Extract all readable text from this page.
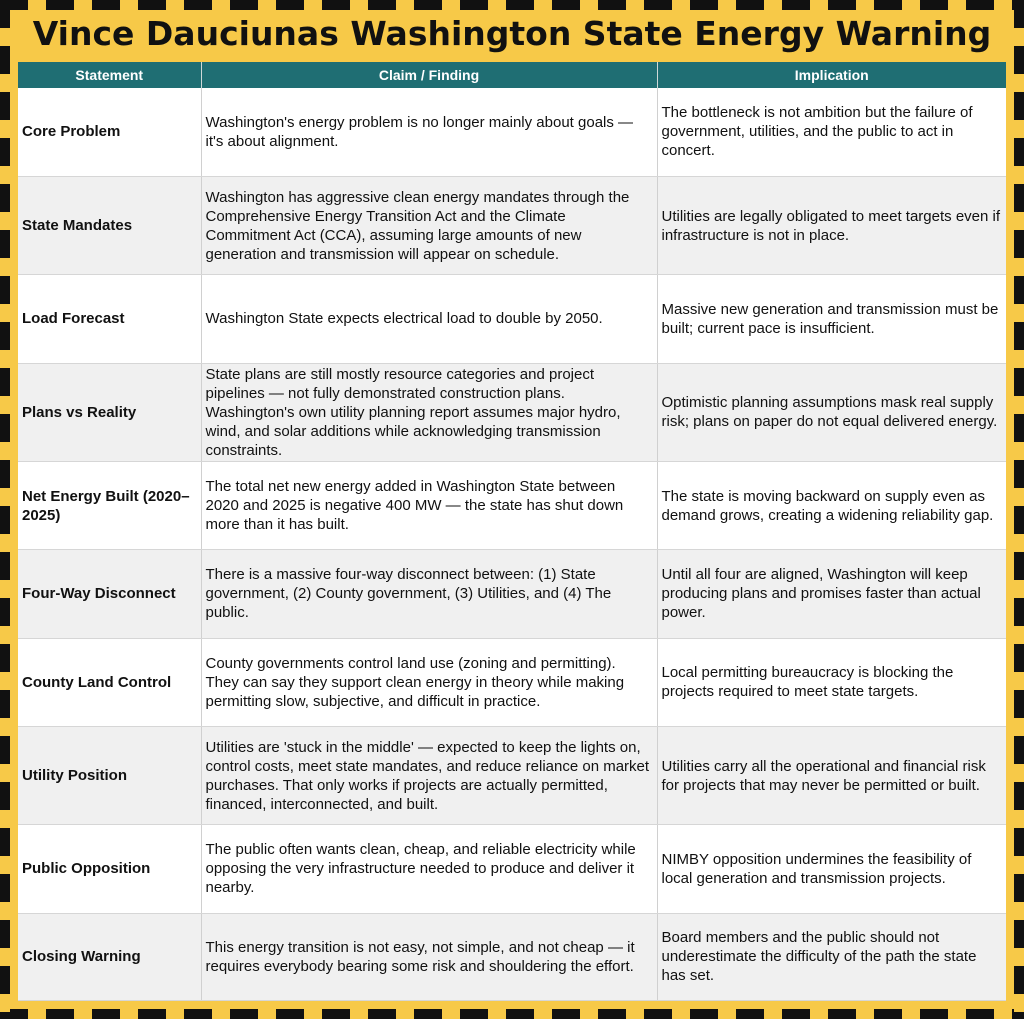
Vince Dauciunas Washington State Energy Warning
Statement	Claim / Finding	Implication
Core Problem	Washington's energy problem is no longer mainly about goals — it's about alignment.	The bottleneck is not ambition but the failure of government, utilities, and the public to act in concert.
State Mandates	Washington has aggressive clean energy mandates through the Comprehensive Energy Transition Act and the Climate Commitment Act (CCA), assuming large amounts of new generation and transmission will appear on schedule.	Utilities are legally obligated to meet targets even if infrastructure is not in place.
Load Forecast	Washington State expects electrical load to double by 2050.	Massive new generation and transmission must be built; current pace is insufficient.
Plans vs Reality	State plans are still mostly resource categories and project pipelines — not fully demonstrated construction plans. Washington's own utility planning report assumes major hydro, wind, and solar additions while acknowledging transmission constraints.	Optimistic planning assumptions mask real supply risk; plans on paper do not equal delivered energy.
Net Energy Built (2020–2025)	The total net new energy added in Washington State between 2020 and 2025 is negative 400 MW — the state has shut down more than it has built.	The state is moving backward on supply even as demand grows, creating a widening reliability gap.
Four-Way Disconnect	There is a massive four-way disconnect between: (1) State government, (2) County government, (3) Utilities, and (4) The public.	Until all four are aligned, Washington will keep producing plans and promises faster than actual power.
County Land Control	County governments control land use (zoning and permitting). They can say they support clean energy in theory while making permitting slow, subjective, and difficult in practice.	Local permitting bureaucracy is blocking the projects required to meet state targets.
Utility Position	Utilities are 'stuck in the middle' — expected to keep the lights on, control costs, meet state mandates, and reduce reliance on market purchases. That only works if projects are actually permitted, financed, interconnected, and built.	Utilities carry all the operational and financial risk for projects that may never be permitted or built.
Public Opposition	The public often wants clean, cheap, and reliable electricity while opposing the very infrastructure needed to produce and deliver it nearby.	NIMBY opposition undermines the feasibility of local generation and transmission projects.
Closing Warning	This energy transition is not easy, not simple, and not cheap — it requires everybody bearing some risk and shouldering the effort.	Board members and the public should not underestimate the difficulty of the path the state has set.
